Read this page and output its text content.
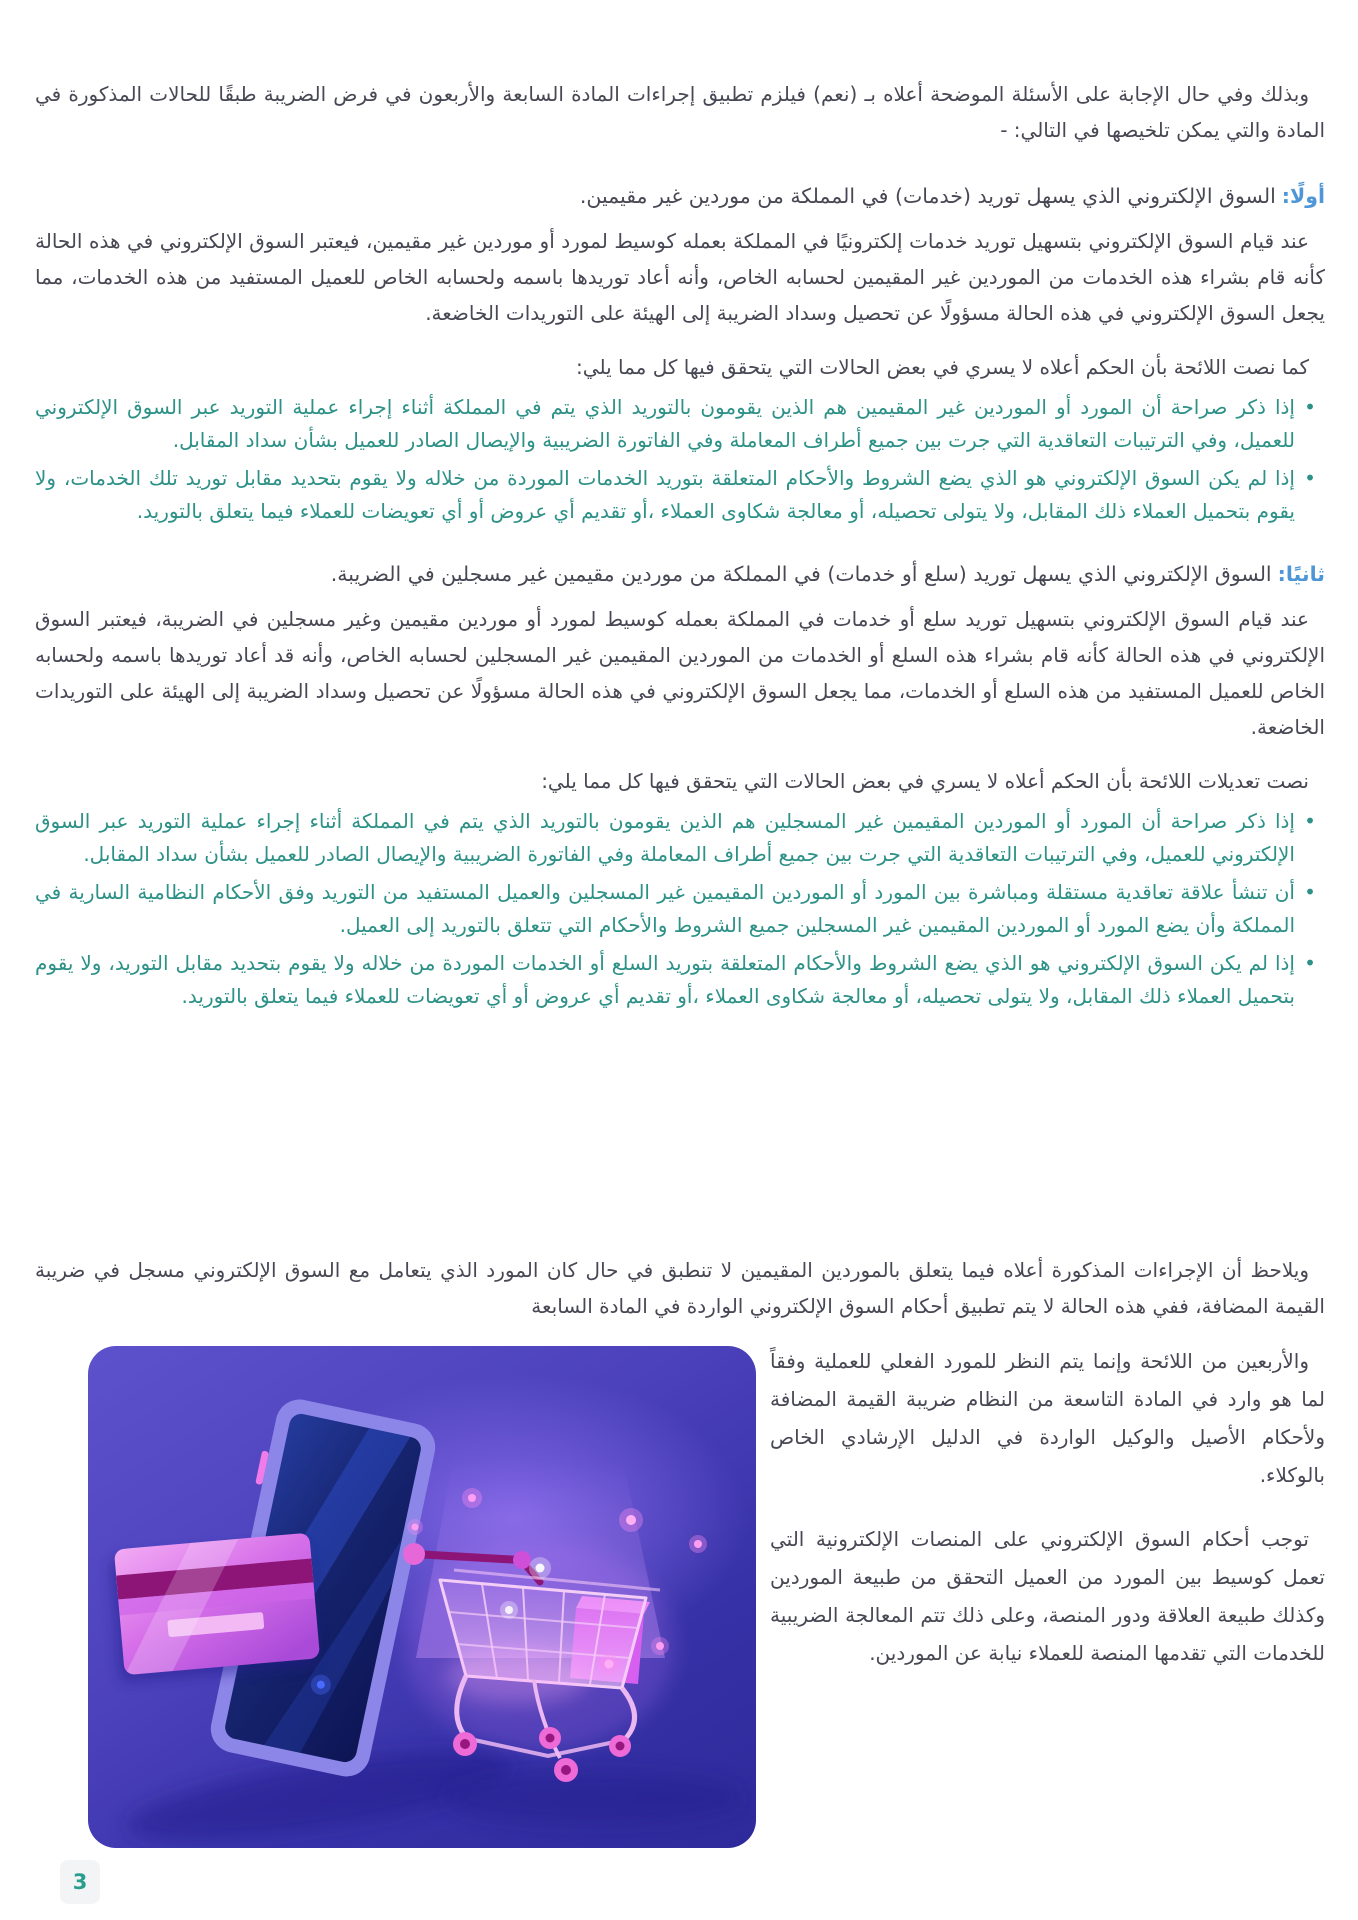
وبذلك وفي حال الإجابة على الأسئلة الموضحة أعلاه بـ (نعم) فيلزم تطبيق إجراءات المادة السابعة والأربعون في فرض الضريبة طبقًا للحالات المذكورة في المادة والتي يمكن تلخيصها في التالي: -

أولًا:السوق الإلكتروني الذي يسهل توريد (خدمات) في المملكة من موردين غير مقيمين.

عند قيام السوق الإلكتروني بتسهيل توريد خدمات إلكترونيًا في المملكة بعمله كوسيط لمورد أو موردين غير مقيمين، فيعتبر السوق الإلكتروني في هذه الحالة كأنه قام بشراء هذه الخدمات من الموردين غير المقيمين لحسابه الخاص، وأنه أعاد توريدها باسمه ولحسابه الخاص للعميل المستفيد من هذه الخدمات، مما يجعل السوق الإلكتروني في هذه الحالة مسؤولًا عن تحصيل وسداد الضريبة إلى الهيئة على التوريدات الخاضعة.

كما نصت اللائحة بأن الحكم أعلاه لا يسري في بعض الحالات التي يتحقق فيها كل مما يلي:

•
إذا ذكر صراحة أن المورد أو الموردين غير المقيمين هم الذين يقومون بالتوريد الذي يتم في المملكة أثناء إجراء عملية التوريد عبر السوق الإلكتروني للعميل، وفي الترتيبات التعاقدية التي جرت بين جميع أطراف المعاملة وفي الفاتورة الضريبية والإيصال الصادر للعميل بشأن سداد المقابل.
•
إذا لم يكن السوق الإلكتروني هو الذي يضع الشروط والأحكام المتعلقة بتوريد الخدمات الموردة من خلاله ولا يقوم بتحديد مقابل توريد تلك الخدمات، ولا يقوم بتحميل العملاء ذلك المقابل، ولا يتولى تحصيله، أو معالجة شكاوى العملاء ،أو تقديم أي عروض أو أي تعويضات للعملاء فيما يتعلق بالتوريد.
ثانيًا:السوق الإلكتروني الذي يسهل توريد (سلع أو خدمات) في المملكة من موردين مقيمين غير مسجلين في الضريبة.

عند قيام السوق الإلكتروني بتسهيل توريد سلع أو خدمات في المملكة بعمله كوسيط لمورد أو موردين مقيمين وغير مسجلين في الضريبة، فيعتبر السوق الإلكتروني في هذه الحالة كأنه قام بشراء هذه السلع أو الخدمات من الموردين المقيمين غير المسجلين لحسابه الخاص، وأنه قد أعاد توريدها باسمه ولحسابه الخاص للعميل المستفيد من هذه السلع أو الخدمات، مما يجعل السوق الإلكتروني في هذه الحالة مسؤولًا عن تحصيل وسداد الضريبة إلى الهيئة على التوريدات الخاضعة.

نصت تعديلات اللائحة بأن الحكم أعلاه لا يسري في بعض الحالات التي يتحقق فيها كل مما يلي:

•
إذا ذكر صراحة أن المورد أو الموردين المقيمين غير المسجلين هم الذين يقومون بالتوريد الذي يتم في المملكة أثناء إجراء عملية التوريد عبر السوق الإلكتروني للعميل، وفي الترتيبات التعاقدية التي جرت بين جميع أطراف المعاملة وفي الفاتورة الضريبية والإيصال الصادر للعميل بشأن سداد المقابل.
•
أن تنشأ علاقة تعاقدية مستقلة ومباشرة بين المورد أو الموردين المقيمين غير المسجلين والعميل المستفيد من التوريد وفق الأحكام النظامية السارية في المملكة وأن يضع المورد أو الموردين المقيمين غير المسجلين جميع الشروط والأحكام التي تتعلق بالتوريد إلى العميل.
•
إذا لم يكن السوق الإلكتروني هو الذي يضع الشروط والأحكام المتعلقة بتوريد السلع أو الخدمات الموردة من خلاله ولا يقوم بتحديد مقابل التوريد، ولا يقوم بتحميل العملاء ذلك المقابل، ولا يتولى تحصيله، أو معالجة شكاوى العملاء ،أو تقديم أي عروض أو أي تعويضات للعملاء فيما يتعلق بالتوريد.

ويلاحظ أن الإجراءات المذكورة أعلاه فيما يتعلق بالموردين المقيمين لا تنطبق في حال كان المورد الذي يتعامل مع السوق الإلكتروني مسجل في ضريبة القيمة المضافة، ففي هذه الحالة لا يتم تطبيق أحكام السوق الإلكتروني الواردة في المادة السابعة

والأربعين من اللائحة وإنما يتم النظر للمورد الفعلي للعملية وفقاً لما هو وارد في المادة التاسعة من النظام ضريبة القيمة المضافة ولأحكام الأصيل والوكيل الواردة في الدليل الإرشادي الخاص بالوكلاء.

توجب أحكام السوق الإلكتروني على المنصات الإلكترونية التي تعمل كوسيط بين المورد من العميل التحقق من طبيعة الموردين وكذلك طبيعة العلاقة ودور المنصة، وعلى ذلك تتم المعالجة الضريبية للخدمات التي تقدمها المنصة للعملاء نيابة عن الموردين.

3
